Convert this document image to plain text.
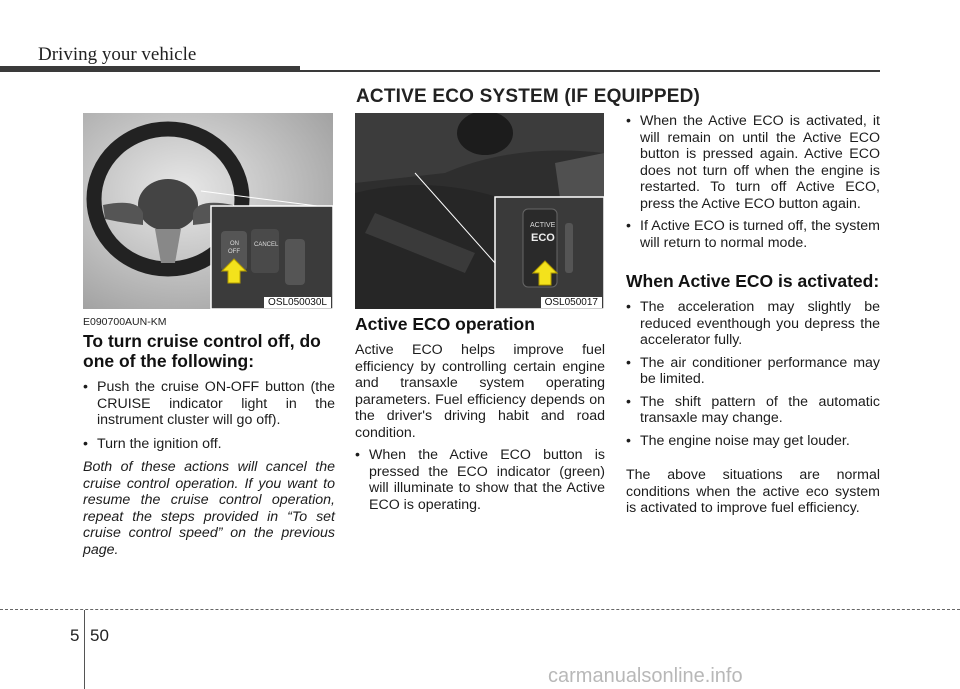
Driving your vehicle
ACTIVE ECO SYSTEM (IF EQUIPPED)
ON
OFF
CANCEL
OSL050030L
E090700AUN-KM
To turn cruise control off, do one of the following:
• Push the cruise ON-OFF button (the CRUISE indicator light in the instrument cluster will go off).
• Turn the ignition off.
Both of these actions will cancel the cruise control operation. If you want to resume the cruise control operation, repeat the steps provided in “To set cruise control speed” on the previous page.
ACTIVE
ECO
OSL050017
Active ECO operation
Active ECO helps improve fuel efficiency by controlling certain engine and transaxle system operating parameters. Fuel efficiency depends on the driver's driving habit and road condition.
• When the Active ECO button is pressed the ECO indicator (green) will illuminate to show that the Active ECO is operating.
• When the Active ECO is activated, it will remain on until the Active ECO button is pressed again. Active ECO does not turn off when the engine is restarted. To turn off Active ECO, press the Active ECO button again.
• If Active ECO is turned off, the system will return to normal mode.
When Active ECO is activated:
• The acceleration may slightly be reduced eventhough you depress the accelerator fully.
• The air conditioner performance may be limited.
• The shift pattern of the automatic transaxle may change.
• The engine noise may get louder.
The above situations are normal conditions when the active eco system is activated to improve fuel efficiency.
5 50
carmanualsonline.info
